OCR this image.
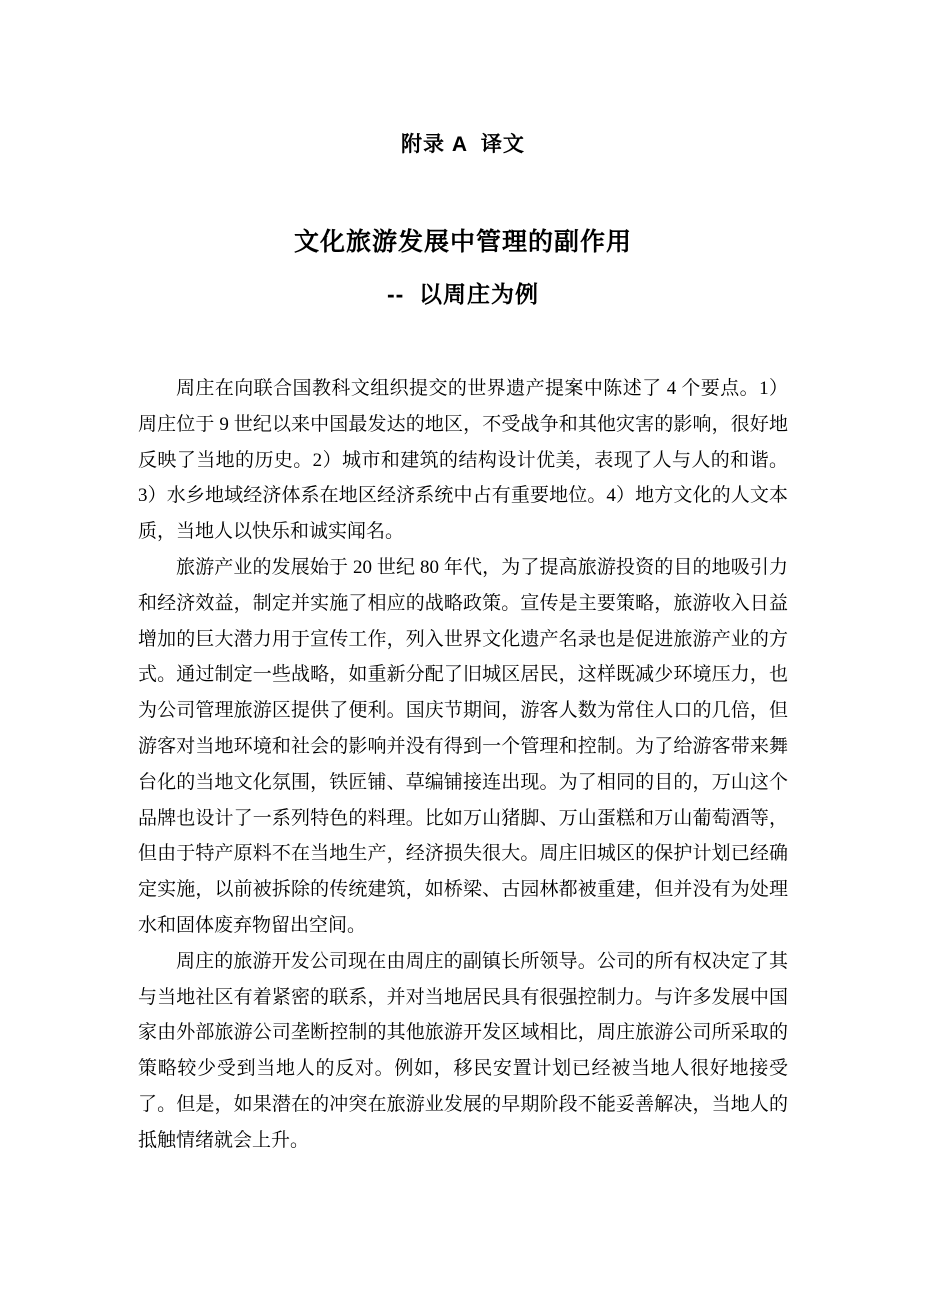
附录 A  译文
文化旅游发展中管理的副作用
--  以周庄为例

周庄在向联合国教科文组织提交的世界遗产提案中陈述了 4 个要点。1）周庄位于 9 世纪以来中国最发达的地区，不受战争和其他灾害的影响，很好地反映了当地的历史。2）城市和建筑的结构设计优美，表现了人与人的和谐。3）水乡地域经济体系在地区经济系统中占有重要地位。4）地方文化的人文本质，当地人以快乐和诚实闻名。

旅游产业的发展始于 20 世纪 80 年代，为了提高旅游投资的目的地吸引力和经济效益，制定并实施了相应的战略政策。宣传是主要策略，旅游收入日益增加的巨大潜力用于宣传工作，列入世界文化遗产名录也是促进旅游产业的方式。通过制定一些战略，如重新分配了旧城区居民，这样既减少环境压力，也为公司管理旅游区提供了便利。国庆节期间，游客人数为常住人口的几倍，但游客对当地环境和社会的影响并没有得到一个管理和控制。为了给游客带来舞台化的当地文化氛围，铁匠铺、草编铺接连出现。为了相同的目的，万山这个品牌也设计了一系列特色的料理。比如万山猪脚、万山蛋糕和万山葡萄酒等，但由于特产原料不在当地生产，经济损失很大。周庄旧城区的保护计划已经确定实施，以前被拆除的传统建筑，如桥梁、古园林都被重建，但并没有为处理水和固体废弃物留出空间。

周庄的旅游开发公司现在由周庄的副镇长所领导。公司的所有权决定了其与当地社区有着紧密的联系，并对当地居民具有很强控制力。与许多发展中国家由外部旅游公司垄断控制的其他旅游开发区域相比，周庄旅游公司所采取的策略较少受到当地人的反对。例如，移民安置计划已经被当地人很好地接受了。但是，如果潜在的冲突在旅游业发展的早期阶段不能妥善解决，当地人的抵触情绪就会上升。
